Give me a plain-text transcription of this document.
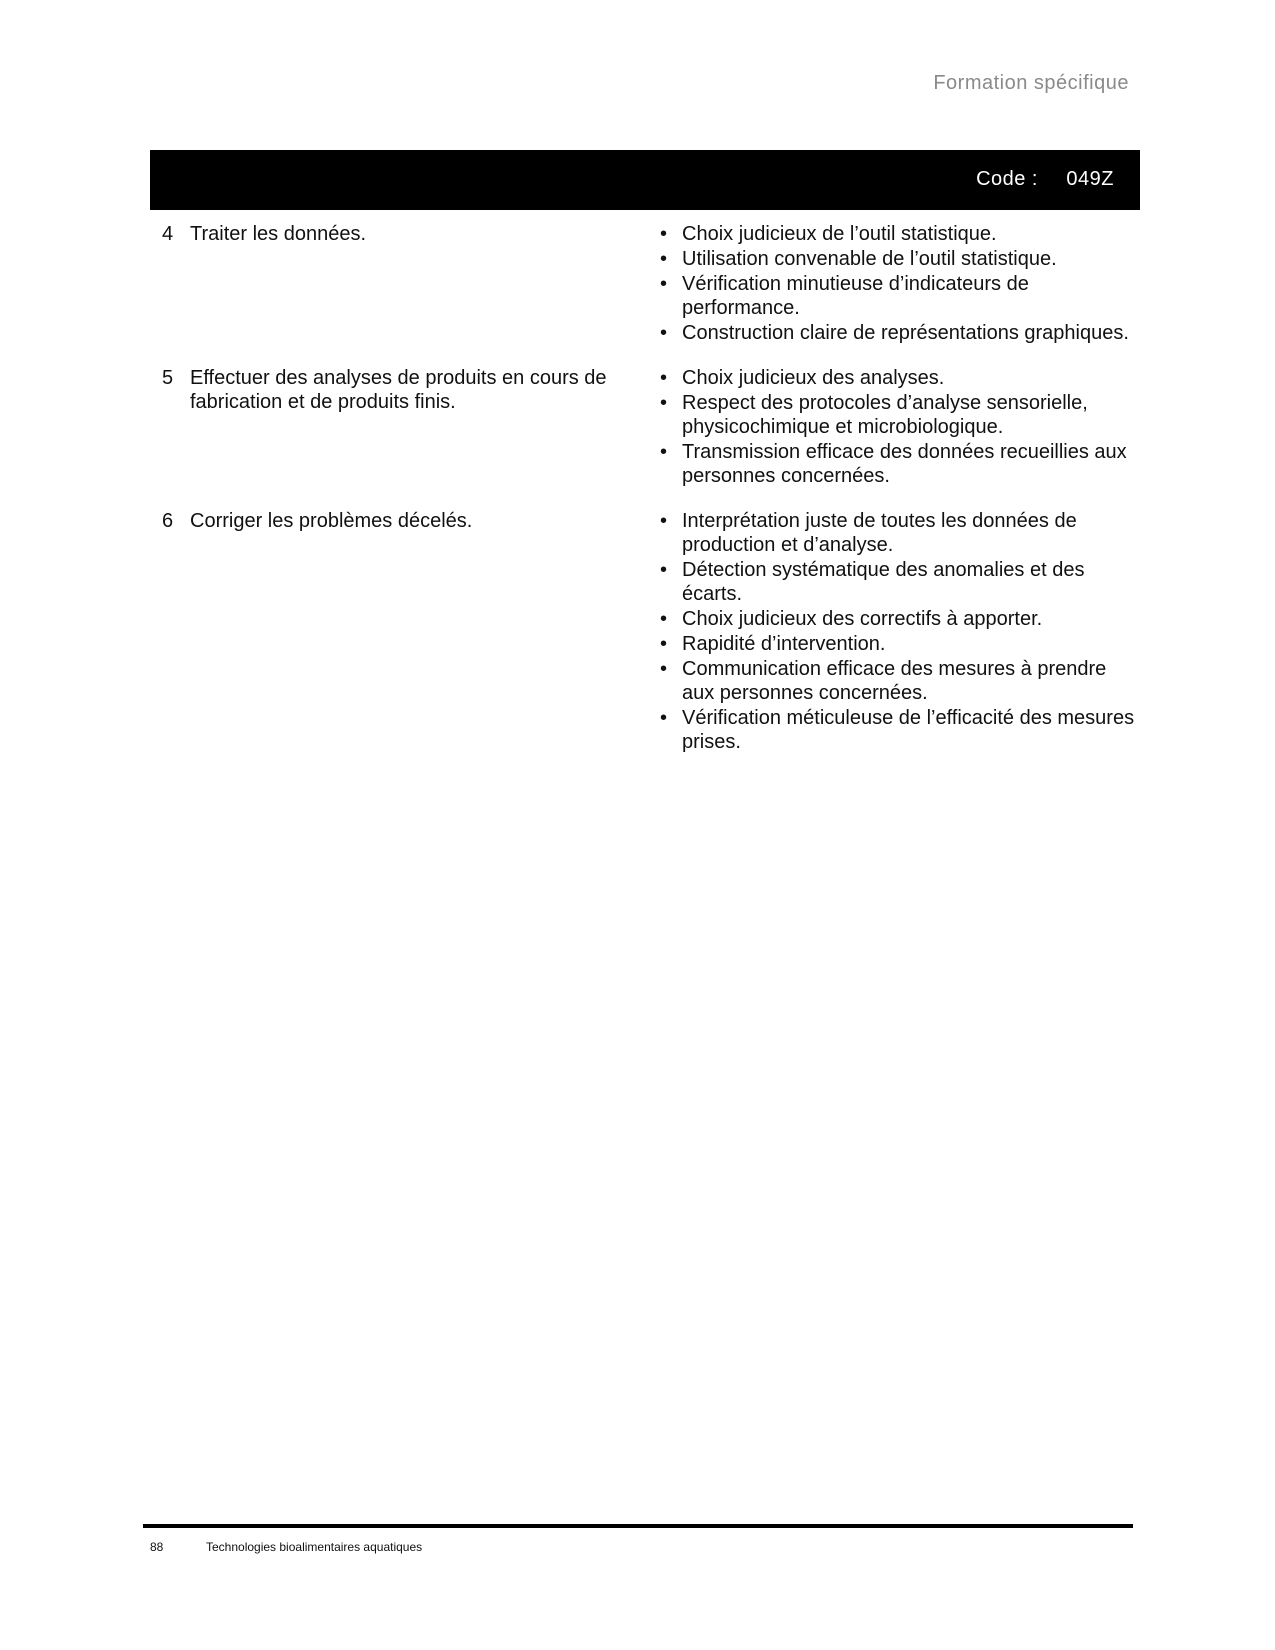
Formation spécifique
Code : 049Z
4 Traiter les données.	• Choix judicieux de l’outil statistique.
• Utilisation convenable de l’outil statistique.
• Vérification minutieuse d’indicateurs de performance.
• Construction claire de représentations graphiques.
5 Effectuer des analyses de produits en cours de fabrication et de produits finis.
• Choix judicieux des analyses.
• Respect des protocoles d’analyse sensorielle, physicochimique et microbiologique.
• Transmission efficace des données recueillies aux personnes concernées.
6 Corriger les problèmes décelés.	• Interprétation juste de toutes les données de production et d’analyse.
• Détection systématique des anomalies et des écarts.
• Choix judicieux des correctifs à apporter.
• Rapidité d’intervention.
• Communication efficace des mesures à prendre aux personnes concernées.
• Vérification méticuleuse de l’efficacité des mesures prises.
88	Technologies bioalimentaires aquatiques
